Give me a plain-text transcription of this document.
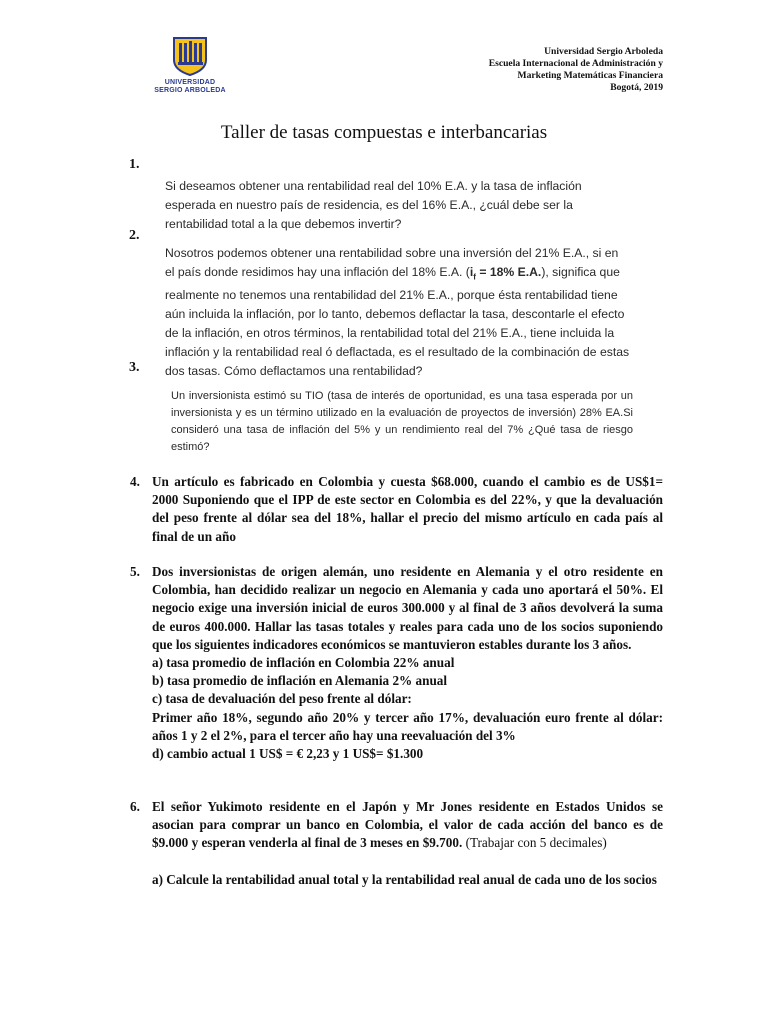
UNIVERSIDAD
SERGIO ARBOLEDA
Universidad Sergio Arboleda
Escuela Internacional de Administración y
Marketing Matemáticas Financiera
Bogotá, 2019
Taller de tasas compuestas e interbancarias
1.

Si deseamos obtener una rentabilidad real del 10% E.A. y la tasa de inflación esperada en nuestro país de residencia, es del 16% E.A., ¿cuál debe ser la rentabilidad total a la que debemos invertir?

2.

Nosotros podemos obtener una rentabilidad sobre una inversión del 21% E.A., si en el país donde residimos hay una inflación del 18% E.A. ($i_f = 18\%$ E.A.), significa que realmente no tenemos una rentabilidad del 21% E.A., porque ésta rentabilidad tiene aún incluida la inflación, por lo tanto, debemos deflactar la tasa, descontarle el efecto de la inflación, en otros términos, la rentabilidad total del 21% E.A., tiene incluida la inflación y la rentabilidad real ó deflactada, es el resultado de la combinación de estas dos tasas. Cómo deflactamos una rentabilidad?

3.

Un inversionista estimó su TIO (tasa de interés de oportunidad, es una tasa esperada por un inversionista y es un término utilizado en la evaluación de proyectos de inversión) 28% EA.Si consideró una tasa de inflación del 5% y un rendimiento real del 7% ¿Qué tasa de riesgo estimó?

4. Un artículo es fabricado en Colombia y cuesta $68.000, cuando el cambio es de US$1= 2000 Suponiendo que el IPP de este sector en Colombia es del 22%, y que la devaluación del peso frente al dólar sea del 18%, hallar el precio del mismo artículo en cada país al final de un año

5. Dos inversionistas de origen alemán, uno residente en Alemania y el otro residente en Colombia, han decidido realizar un negocio en Alemania y cada uno aportará el 50%. El negocio exige una inversión inicial de euros 300.000 y al final de 3 años devolverá la suma de euros 400.000. Hallar las tasas totales y reales para cada uno de los socios suponiendo que los siguientes indicadores económicos se mantuvieron estables durante los 3 años.

a) tasa promedio de inflación en Colombia 22% anual

b) tasa promedio de inflación en Alemania 2% anual

c) tasa de devaluación del peso frente al dólar:

Primer año 18%, segundo año 20% y tercer año 17%, devaluación euro frente al dólar: años 1 y 2 el 2%, para el tercer año hay una reevaluación del 3%

d) cambio actual 1 US$ = € 2,23 y 1 US$= $1.300

6. El señor Yukimoto residente en el Japón y Mr Jones residente en Estados Unidos se asocian para comprar un banco en Colombia, el valor de cada acción del banco es de $9.000 y esperan venderla al final de 3 meses en $9.700. (Trabajar con 5 decimales)

a) Calcule la rentabilidad anual total y la rentabilidad real anual de cada uno de los socios
